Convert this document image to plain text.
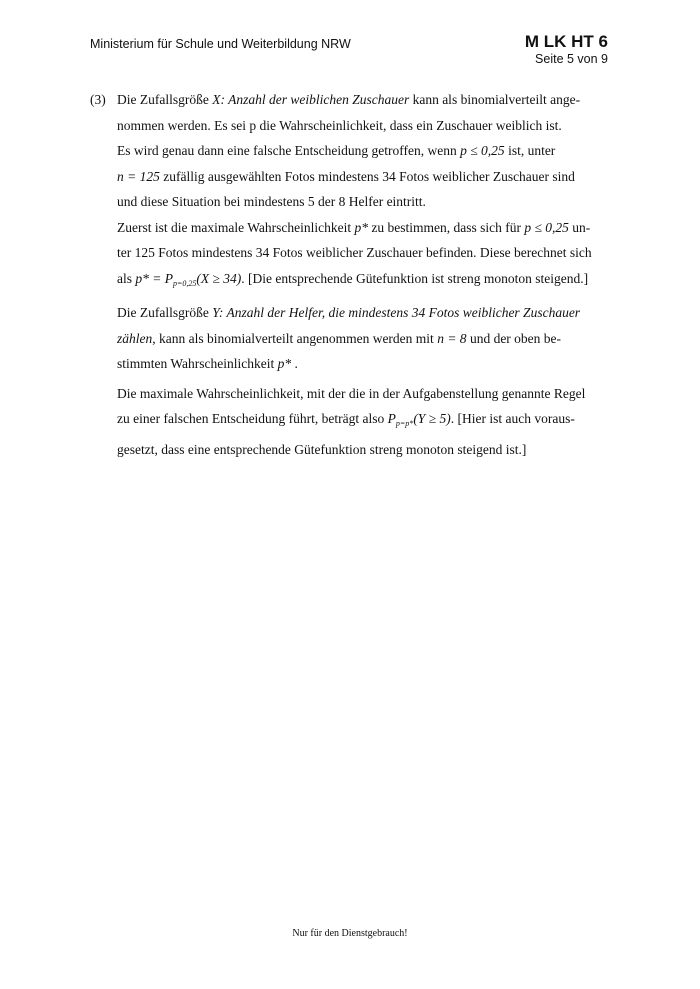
Ministerium für Schule und Weiterbildung NRW	M LK HT 6
Seite 5 von 9
(3) Die Zufallsgröße X: Anzahl der weiblichen Zuschauer kann als binomialverteilt ange-
nommen werden. Es sei p die Wahrscheinlichkeit, dass ein Zuschauer weiblich ist.
Es wird genau dann eine falsche Entscheidung getroffen, wenn p ≤ 0,25 ist, unter
n = 125 zufällig ausgewählten Fotos mindestens 34 Fotos weiblicher Zuschauer sind
und diese Situation bei mindestens 5 der 8 Helfer eintritt.
Zuerst ist die maximale Wahrscheinlichkeit p* zu bestimmen, dass sich für p ≤ 0,25 un-
ter 125 Fotos mindestens 34 Fotos weiblicher Zuschauer befinden. Diese berechnet sich
als $p* = P_{p=0,25}(X \ge 34)$. [Die entsprechende Gütefunktion ist streng monoton steigend.]
Die Zufallsgröße Y: Anzahl der Helfer, die mindestens 34 Fotos weiblicher Zuschauer
zählen, kann als binomialverteilt angenommen werden mit n = 8 und der oben be-
stimmten Wahrscheinlichkeit p* .
Die maximale Wahrscheinlichkeit, mit der die in der Aufgabenstellung genannte Regel
zu einer falschen Entscheidung führt, beträgt also $P_{p=p*}(Y \ge 5)$. [Hier ist auch voraus-
gesetzt, dass eine entsprechende Gütefunktion streng monoton steigend ist.]
Nur für den Dienstgebrauch!
